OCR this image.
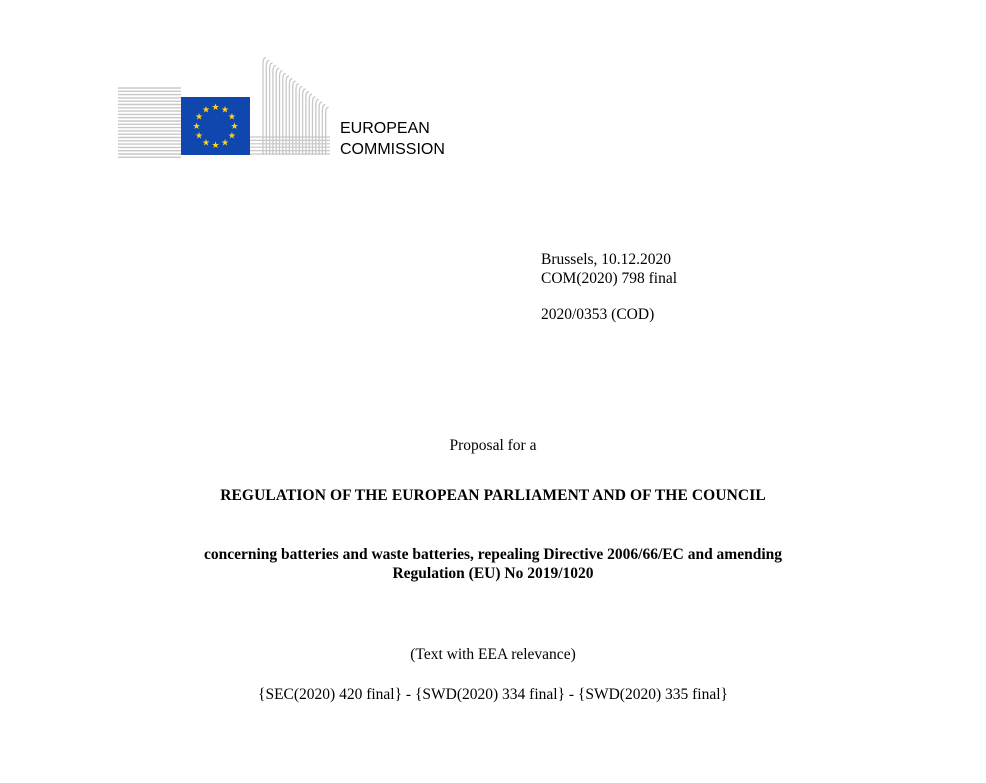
★ ★
★
★
★
★
★
★
★
★
★
★
EUROPEAN
COMMISSION
Brussels, 10.12.2020
COM(2020) 798 final
2020/0353 (COD)
Proposal for a
REGULATION OF THE EUROPEAN PARLIAMENT AND OF THE COUNCIL
concerning batteries and waste batteries, repealing Directive 2006/66/EC and amending
Regulation (EU) No 2019/1020
(Text with EEA relevance)
{SEC(2020) 420 final} - {SWD(2020) 334 final} - {SWD(2020) 335 final}
